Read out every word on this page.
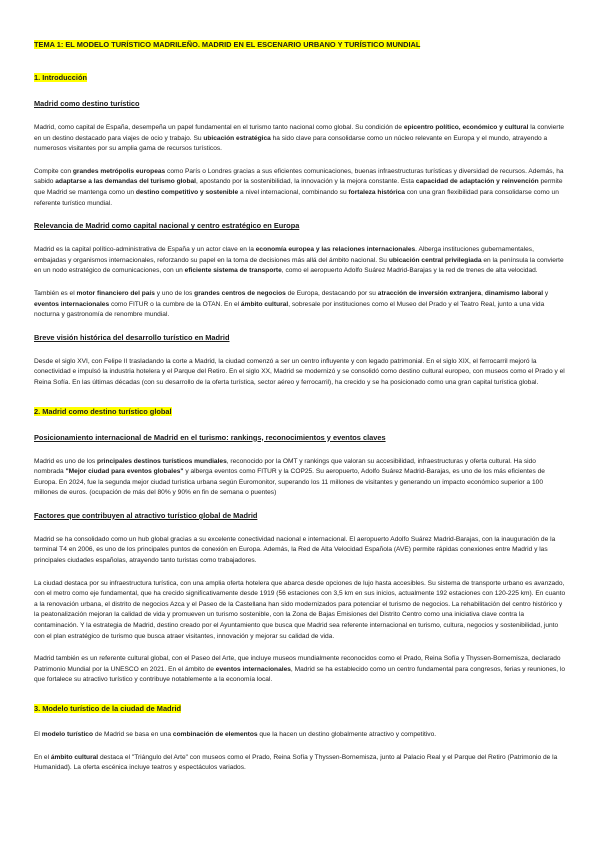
TEMA 1: EL MODELO TURÍSTICO MADRILEÑO. MADRID EN EL ESCENARIO URBANO Y TURÍSTICO MUNDIAL
1. Introducción
Madrid como destino turístico

Madrid, como capital de España, desempeña un papel fundamental en el turismo tanto nacional como global. Su condición de epicentro político, económico y cultural la convierte en un destino destacado para viajes de ocio y trabajo. Su ubicación estratégica ha sido clave para consolidarse como un núcleo relevante en Europa y el mundo, atrayendo a numerosos visitantes por su amplia gama de recursos turísticos.

Compite con grandes metrópolis europeas como París o Londres gracias a sus eficientes comunicaciones, buenas infraestructuras turísticas y diversidad de recursos. Además, ha sabido adaptarse a las demandas del turismo global, apostando por la sostenibilidad, la innovación y la mejora constante. Esta capacidad de adaptación y reinvención permite que Madrid se mantenga como un destino competitivo y sostenible a nivel internacional, combinando su fortaleza histórica con una gran flexibilidad para consolidarse como un referente turístico mundial.

Relevancia de Madrid como capital nacional y centro estratégico en Europa

Madrid es la capital político-administrativa de España y un actor clave en la economía europea y las relaciones internacionales. Alberga instituciones gubernamentales, embajadas y organismos internacionales, reforzando su papel en la toma de decisiones más allá del ámbito nacional. Su ubicación central privilegiada en la península la convierte en un nodo estratégico de comunicaciones, con un eficiente sistema de transporte, como el aeropuerto Adolfo Suárez Madrid-Barajas y la red de trenes de alta velocidad.

También es el motor financiero del país y uno de los grandes centros de negocios de Europa, destacando por su atracción de inversión extranjera, dinamismo laboral y eventos internacionales como FITUR o la cumbre de la OTAN. En el ámbito cultural, sobresale por instituciones como el Museo del Prado y el Teatro Real, junto a una vida nocturna y gastronomía de renombre mundial.

Breve visión histórica del desarrollo turístico en Madrid

Desde el siglo XVI, con Felipe II trasladando la corte a Madrid, la ciudad comenzó a ser un centro influyente y con legado patrimonial. En el siglo XIX, el ferrocarril mejoró la conectividad e impulsó la industria hotelera y el Parque del Retiro. En el siglo XX, Madrid se modernizó y se consolidó como destino cultural europeo, con museos como el Prado y el Reina Sofía. En las últimas décadas (con su desarrollo de la oferta turística, sector aéreo y ferrocarril), ha crecido y se ha posicionado como una gran capital turística global.

2. Madrid como destino turístico global
Posicionamiento internacional de Madrid en el turismo: rankings, reconocimientos y eventos claves

Madrid es uno de los principales destinos turísticos mundiales, reconocido por la OMT y rankings que valoran su accesibilidad, infraestructuras y oferta cultural. Ha sido nombrada "Mejor ciudad para eventos globales" y alberga eventos como FITUR y la COP25. Su aeropuerto, Adolfo Suárez Madrid-Barajas, es uno de los más eficientes de Europa. En 2024, fue la segunda mejor ciudad turística urbana según Euromonitor, superando los 11 millones de visitantes y generando un impacto económico superior a 100 millones de euros. (ocupación de más del 80% y 90% en fin de semana o puentes)

Factores que contribuyen al atractivo turístico global de Madrid

Madrid se ha consolidado como un hub global gracias a su excelente conectividad nacional e internacional. El aeropuerto Adolfo Suárez Madrid-Barajas, con la inauguración de la terminal T4 en 2006, es uno de los principales puntos de conexión en Europa. Además, la Red de Alta Velocidad Española (AVE) permite rápidas conexiones entre Madrid y las principales ciudades españolas, atrayendo tanto turistas como trabajadores.

La ciudad destaca por su infraestructura turística, con una amplia oferta hotelera que abarca desde opciones de lujo hasta accesibles. Su sistema de transporte urbano es avanzado, con el metro como eje fundamental, que ha crecido significativamente desde 1919 (56 estaciones con 3,5 km en sus inicios, actualmente 192 estaciones con 120-225 km). En cuanto a la renovación urbana, el distrito de negocios Azca y el Paseo de la Castellana han sido modernizados para potenciar el turismo de negocios. La rehabilitación del centro histórico y la peatonalización mejoran la calidad de vida y promueven un turismo sostenible, con la Zona de Bajas Emisiones del Distrito Centro como una iniciativa clave contra la contaminación. Y la estrategia de Madrid, destino creado por el Ayuntamiento que busca que Madrid sea referente internacional en turismo, cultura, negocios y sostenibilidad, junto con el plan estratégico de turismo que busca atraer visitantes, innovación y mejorar su calidad de vida.

Madrid también es un referente cultural global, con el Paseo del Arte, que incluye museos mundialmente reconocidos como el Prado, Reina Sofía y Thyssen-Bornemisza, declarado Patrimonio Mundial por la UNESCO en 2021. En el ámbito de eventos internacionales, Madrid se ha establecido como un centro fundamental para congresos, ferias y reuniones, lo que fortalece su atractivo turístico y contribuye notablemente a la economía local.

3. Modelo turístico de la ciudad de Madrid

El modelo turístico de Madrid se basa en una combinación de elementos que la hacen un destino globalmente atractivo y competitivo.

En el ámbito cultural destaca el "Triángulo del Arte" con museos como el Prado, Reina Sofía y Thyssen-Bornemisza, junto al Palacio Real y el Parque del Retiro (Patrimonio de la Humanidad). La oferta escénica incluye teatros y espectáculos variados.
